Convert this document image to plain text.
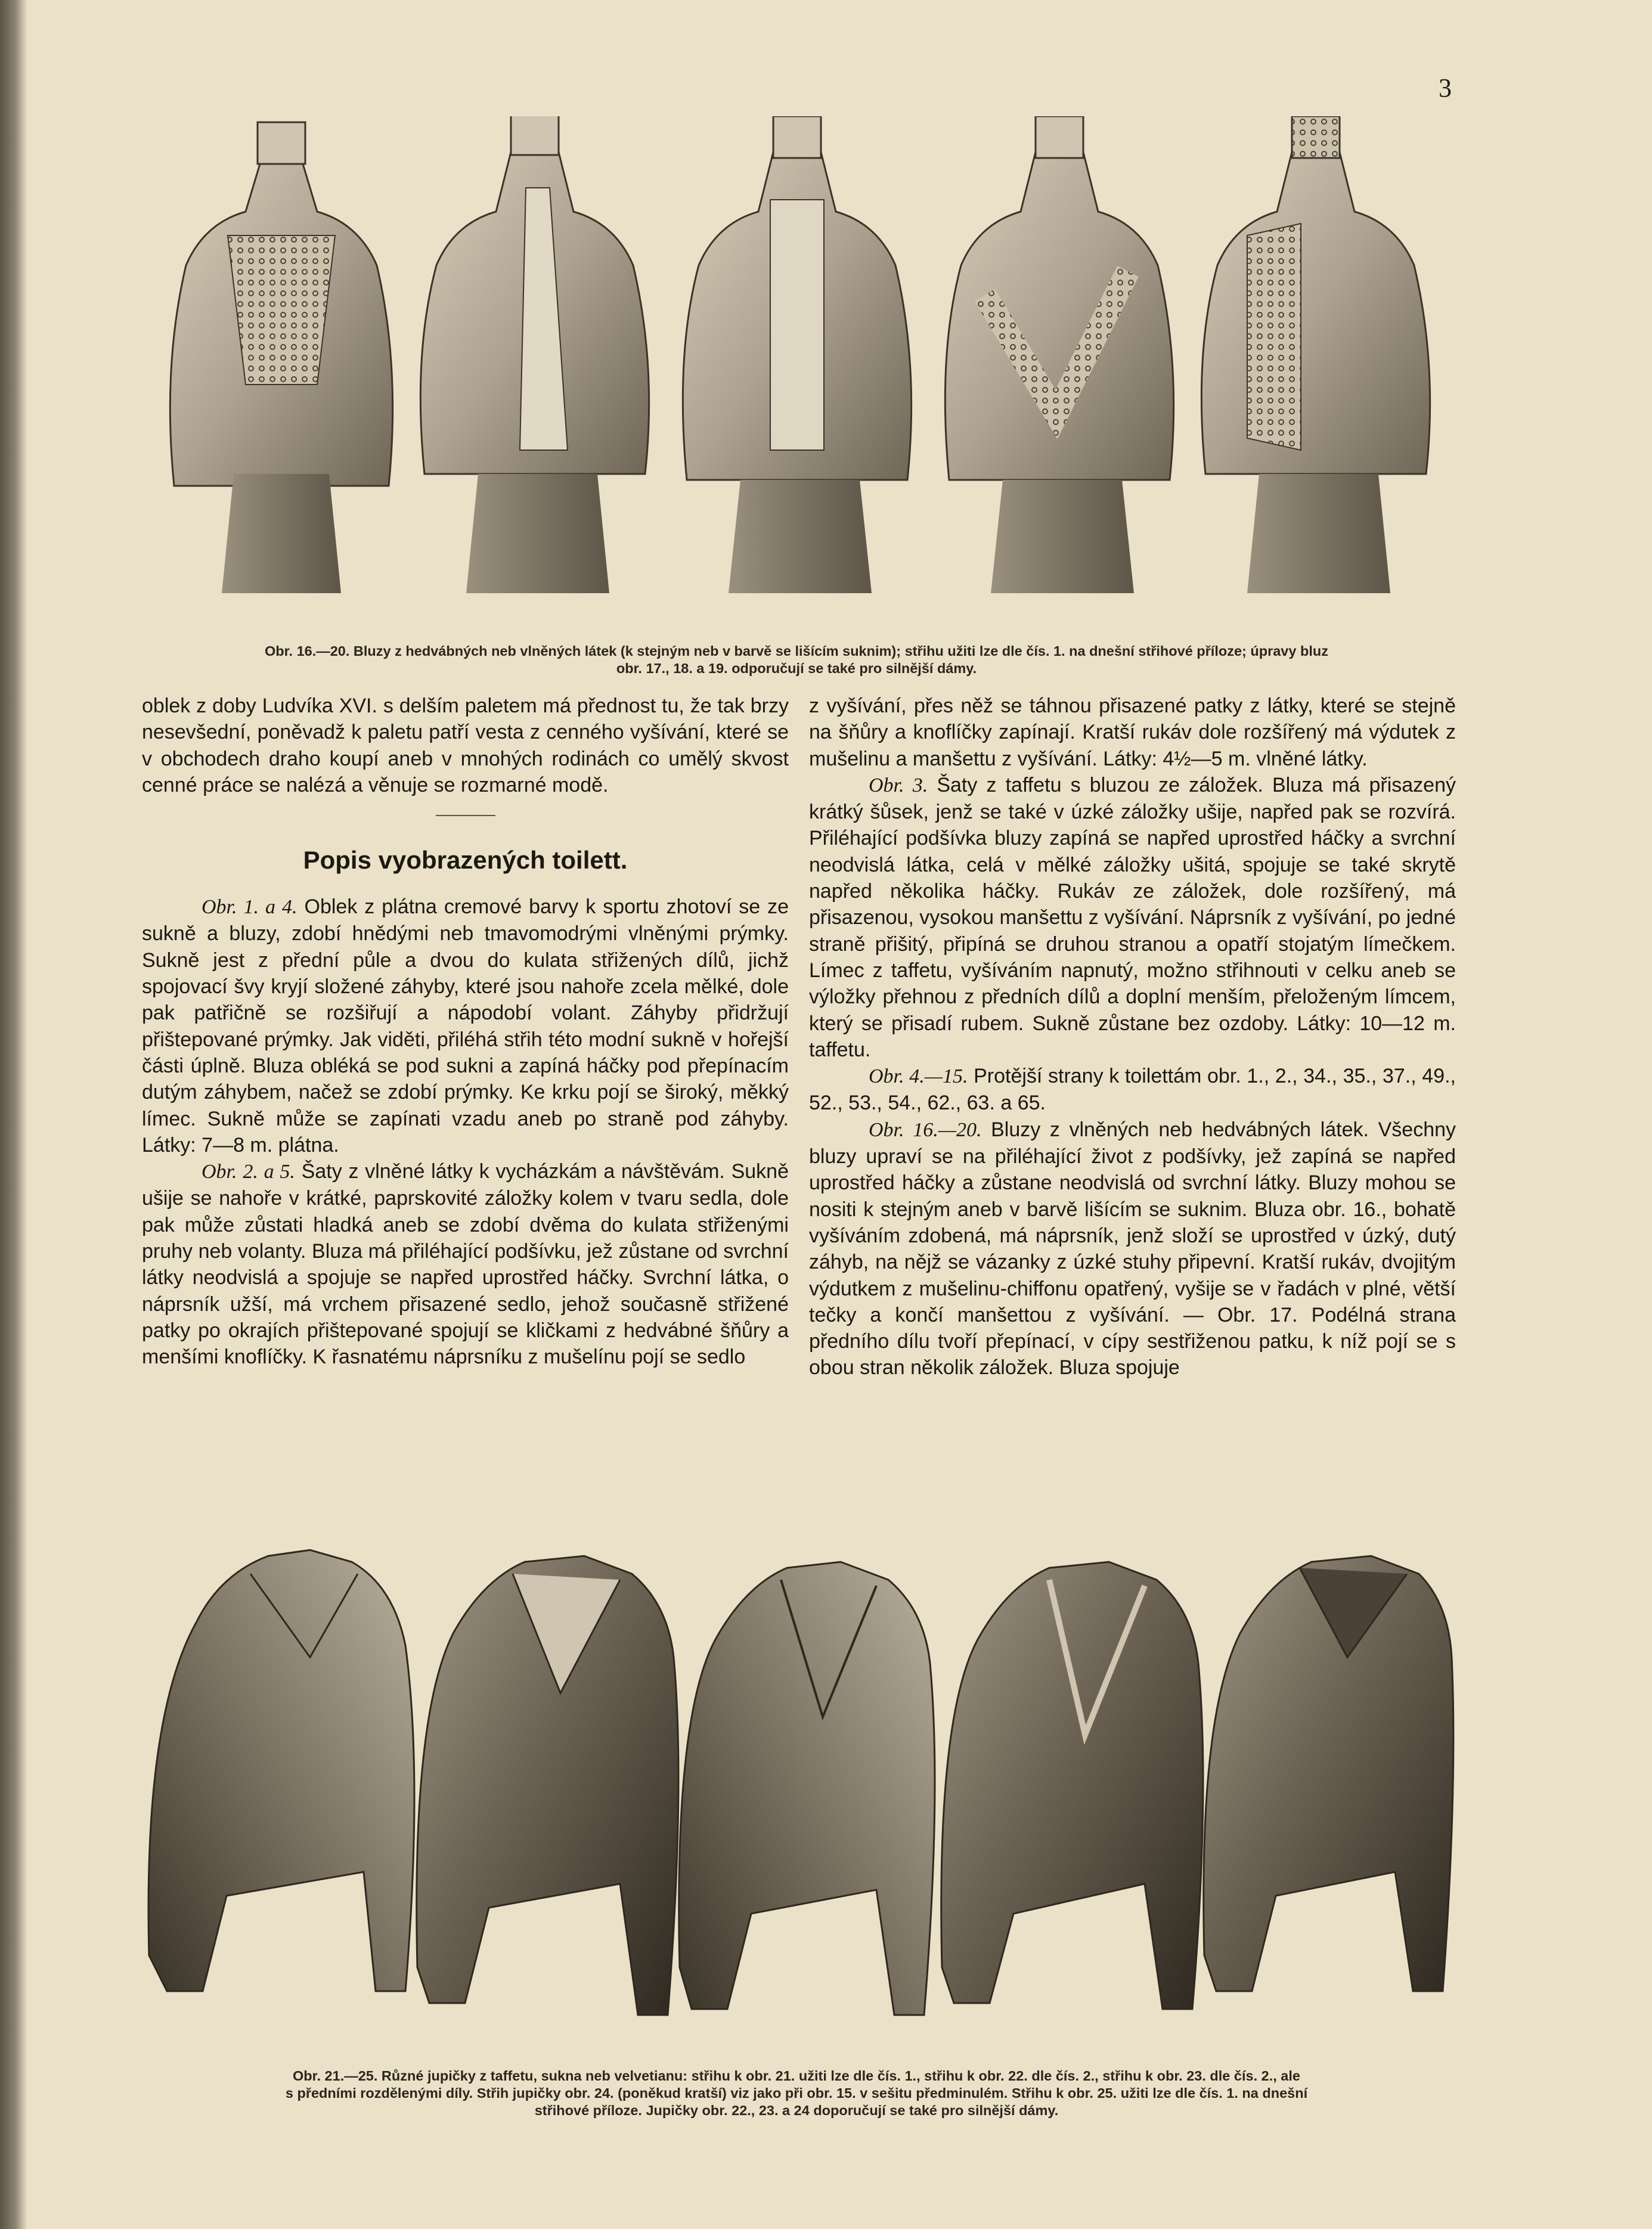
3

Obr. 16.—20. Bluzy z hedvábných neb vlněných látek (k stejným neb v barvě se lišícím suknim); střihu užiti lze dle čís. 1. na dnešní střihové příloze; úpravy bluz

obr. 17., 18. a 19. odporučují se také pro silnější dámy.

oblek z doby Ludvíka XVI. s delším paletem má přednost tu, že tak brzy nesevšední, poněvadž k paletu patří vesta z cenného vyšívání, které se v obchodech draho koupí aneb v mnohých rodinách co umělý skvost cenné práce se nalézá a věnuje se rozmarné modě.

Popis vyobrazených toilett.

Obr. 1. a 4. Oblek z plátna cremové barvy k sportu zhotoví se ze sukně a bluzy, zdobí hnědými neb tmavomodrými vlněnými prýmky. Sukně jest z přední půle a dvou do kulata střižených dílů, jichž spojovací švy kryjí složené záhyby, které jsou nahoře zcela mělké, dole pak patřičně se rozšiřují a nápodobí volant. Záhyby přidržují přištepované prýmky. Jak viděti, přiléhá střih této modní sukně v hořejší části úplně. Bluza obléká se pod sukni a zapíná háčky pod přepínacím dutým záhybem, načež se zdobí prýmky. Ke krku pojí se široký, měkký límec. Sukně může se zapínati vzadu aneb po straně pod záhyby. Látky: 7—8 m. plátna.

Obr. 2. a 5. Šaty z vlněné látky k vycházkám a návštěvám. Sukně ušije se nahoře v krátké, paprskovité záložky kolem v tvaru sedla, dole pak může zůstati hladká aneb se zdobí dvěma do kulata střiženými pruhy neb volanty. Bluza má přiléhající podšívku, jež zůstane od svrchní látky neodvislá a spojuje se napřed uprostřed háčky. Svrchní látka, o náprsník užší, má vrchem přisazené sedlo, jehož současně střižené patky po okrajích přištepované spojují se kličkami z hedvábné šňůry a menšími knoflíčky. K řasnatému náprsníku z mušelínu pojí se sedlo

z vyšívání, přes něž se táhnou přisazené patky z látky, které se stejně na šňůry a knoflíčky zapínají. Kratší rukáv dole rozšířený má výdutek z mušelinu a manšettu z vyšívání. Látky: 4½—5 m. vlněné látky.

Obr. 3. Šaty z taffetu s bluzou ze záložek. Bluza má přisazený krátký šůsek, jenž se také v úzké záložky ušije, napřed pak se rozvírá. Přiléhající podšívka bluzy zapíná se napřed uprostřed háčky a svrchní neodvislá látka, celá v mělké záložky ušitá, spojuje se také skrytě napřed několika háčky. Rukáv ze záložek, dole rozšířený, má přisazenou, vysokou manšettu z vyšívání. Náprsník z vyšívání, po jedné straně přišitý, připíná se druhou stranou a opatří stojatým límečkem. Límec z taffetu, vyšíváním napnutý, možno střihnouti v celku aneb se výložky přehnou z předních dílů a doplní menším, přeloženým límcem, který se přisadí rubem. Sukně zůstane bez ozdoby. Látky: 10—12 m. taffetu.

Obr. 4.—15. Protější strany k toilettám obr. 1., 2., 34., 35., 37., 49., 52., 53., 54., 62., 63. a 65.

Obr. 16.—20. Bluzy z vlněných neb hedvábných látek. Všechny bluzy upraví se na přiléhající život z podšívky, jež zapíná se napřed uprostřed háčky a zůstane neodvislá od svrchní látky. Bluzy mohou se nositi k stejným aneb v barvě lišícím se suknim. Bluza obr. 16., bohatě vyšíváním zdobená, má náprsník, jenž složí se uprostřed v úzký, dutý záhyb, na nějž se vázanky z úzké stuhy připevní. Kratší rukáv, dvojitým výdutkem z mušelinu-chiffonu opatřený, vyšije se v řadách v plné, větší tečky a končí manšettou z vyšívání. — Obr. 17. Podélná strana předního dílu tvoří přepínací, v cípy sestřiženou patku, k níž pojí se s obou stran několik záložek. Bluza spojuje

Obr. 21.—25. Různé jupičky z taffetu, sukna neb velvetianu: střihu k obr. 21. užiti lze dle čís. 1., střihu k obr. 22. dle čís. 2., střihu k obr. 23. dle čís. 2., ale

s předními rozdělenými díly. Střih jupičky obr. 24. (poněkud kratší) viz jako při obr. 15. v sešitu předminulém. Střihu k obr. 25. užiti lze dle čís. 1. na dnešní

střihové příloze. Jupičky obr. 22., 23. a 24 doporučují se také pro silnější dámy.
